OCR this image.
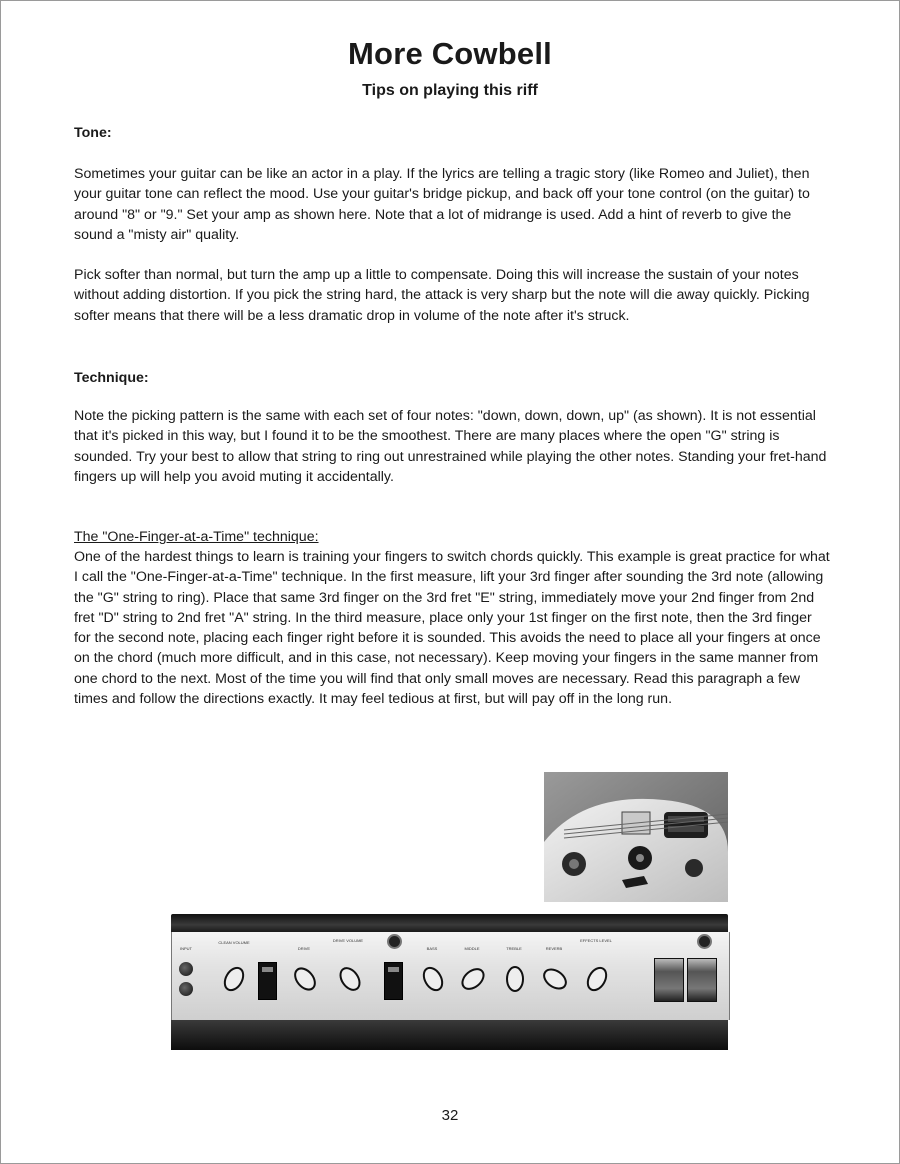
More Cowbell
Tips on playing this riff
Tone:
Sometimes your guitar can be like an actor in a play. If the lyrics are telling a tragic story (like Romeo and Juliet), then your guitar tone can reflect the mood. Use your guitar's bridge pickup, and back off your tone control (on the guitar) to around "8" or "9." Set your amp as shown here. Note that a lot of midrange is used. Add a hint of reverb to give the sound a "misty air" quality.
Pick softer than normal, but turn the amp up a little to compensate. Doing this will increase the sustain of your notes without adding distortion. If you pick the string hard, the attack is very sharp but the note will die away quickly. Picking softer means that there will be a less dramatic drop in volume of the note after it's struck.
Technique:
Note the picking pattern is the same with each set of four notes: "down, down, down, up" (as shown). It is not essential that it's picked in this way, but I found it to be the smoothest. There are many places where the open "G" string is sounded. Try your best to allow that string to ring out unrestrained while playing the other notes. Standing your fret-hand fingers up will help you avoid muting it accidentally.
The "One-Finger-at-a-Time" technique:
One of the hardest things to learn is training your fingers to switch chords quickly. This example is great practice for what I call the "One-Finger-at-a-Time" technique. In the first measure, lift your 3rd finger after sounding the 3rd note (allowing the "G" string to ring). Place that same 3rd finger on the 3rd fret "E" string, immediately move your 2nd finger from 2nd fret "D" string to 2nd fret "A" string. In the third measure, place only your 1st finger on the first note, then the 3rd finger for the second note, placing each finger right before it is sounded. This avoids the need to place all your fingers at once on the chord (much more difficult, and in this case, not necessary). Keep moving your fingers in the same manner from one chord to the next. Most of the time you will find that only small moves are necessary. Read this paragraph a few times and follow the directions exactly. It may feel tedious at first, but will pay off in the long run.
INPUT
CLEAN VOLUME
DRIVE
DRIVE VOLUME
BASS	MIDDLE	TREBLE	REVERB
EFFECTS LEVEL
32
